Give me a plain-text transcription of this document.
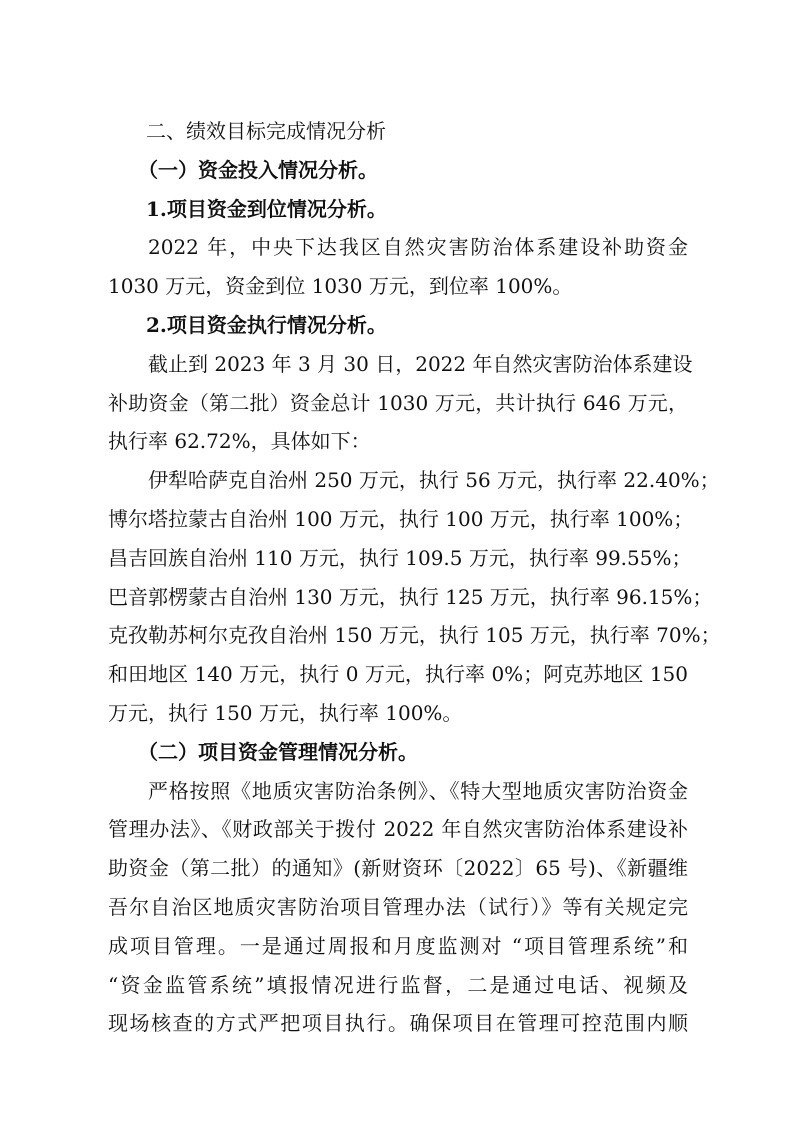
二、绩效目标完成情况分析
（一）资金投入情况分析。
1.项目资金到位情况分析。
2022 年，中央下达我区自然灾害防治体系建设补助资金
1030 万元，资金到位 1030 万元，到位率 100%。
2.项目资金执行情况分析。
截止到 2023 年 3 月 30 日，2022 年自然灾害防治体系建设
补助资金（第二批）资金总计 1030 万元，共计执行 646 万元，
执行率 62.72%，具体如下：
伊犁哈萨克自治州 250 万元，执行 56 万元，执行率 22.40%；
博尔塔拉蒙古自治州 100 万元，执行 100 万元，执行率 100%；
昌吉回族自治州 110 万元，执行 109.5 万元，执行率 99.55%；
巴音郭楞蒙古自治州 130 万元，执行 125 万元，执行率 96.15%；
克孜勒苏柯尔克孜自治州 150 万元，执行 105 万元，执行率 70%；
和田地区 140 万元，执行 0 万元，执行率 0%；阿克苏地区 150
万元，执行 150 万元，执行率 100%。
（二）项目资金管理情况分析。
严格按照《地质灾害防治条例》、《特大型地质灾害防治资金
管理办法》、《财政部关于拨付 2022 年自然灾害防治体系建设补
助资金（第二批）的通知》(新财资环〔2022〕65 号)、《新疆维
吾尔自治区地质灾害防治项目管理办法（试行）》等有关规定完
成项目管理。一是通过周报和月度监测对 “项目管理系统”和
“资金监管系统”填报情况进行监督，二是通过电话、视频及
现场核查的方式严把项目执行。确保项目在管理可控范围内顺
